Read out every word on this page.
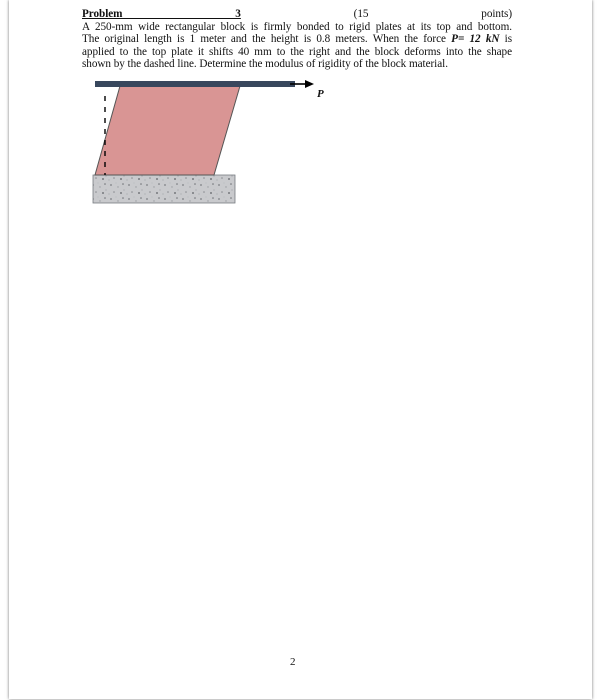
Problem 3 (15 points)
A 250-mm wide rectangular block is firmly bonded to rigid plates at its top and bottom.
The original length is 1 meter and the height is 0.8 meters. When the force P= 12 kN is
applied to the top plate it shifts 40 mm to the right and the block deforms into the shape
shown by the dashed line. Determine the modulus of rigidity of the block material.
P
2
